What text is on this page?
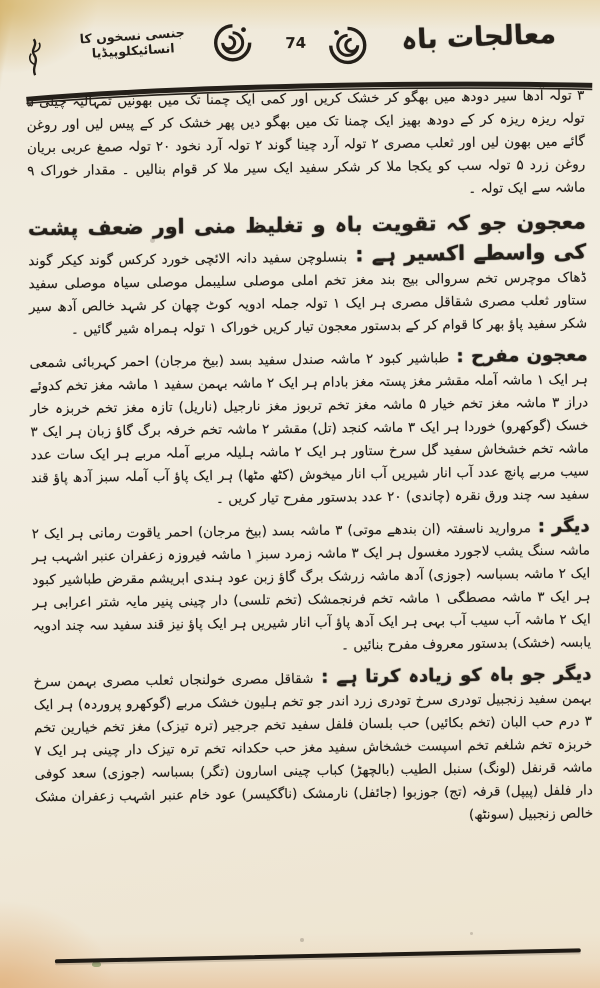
جنسی نسخوں کا انسائیکلوپیڈیا	74	معالجات باہ

۳ تولہ آدھا سیر دودھ میں بھگو کر خشک کریں اور کمی ایک چمنا تک میں بھونیں تمہالیہ چینی ۵ تولہ ریزہ ریزہ کر کے دودھ بھیز ایک چمنا تک میں بھگو دیں پھر خشک کر کے پیس لیں اور روغن گائے میں بھون لیں اور ثعلب مصری ۲ تولہ آرد چینا گوند ۲ تولہ آرد نخود ۲۰ تولہ صمغ عربی بریان روغن زرد ۵ تولہ سب کو یکجا ملا کر شکر سفید ایک سیر ملا کر قوام بنالیں ۔ مقدار خوراک ۹ ماشہ سے ایک تولہ ۔

معجون جو کہ تقویت باہ و تغلیظ منی اور ضعف پشت کی واسطے اکسیر ہے : بنسلوچن سفید دانہ الائچی خورد کرکس گوند کیکر گوند ڈھاک موچرس تخم سروالی بیج بند مغز تخم املی موصلی سلیبمل موصلی سیاہ موصلی سفید ستاور ثعلب مصری شقاقل مصری ہر ایک ۱ تولہ جملہ ادویہ کوٹ چھان کر شہد خالص آدھ سیر شکر سفید پاؤ بھر کا قوام کر کے بدستور معجون تیار کریں خوراک ۱ تولہ ہمراہ شیر گائیں ۔

معجون مفرح : طباشیر کبود ۲ ماشہ صندل سفید بسد (بیخ مرجان) احمر کہربائی شمعی ہر ایک ۱ ماشہ آملہ مقشر مغز پستہ مغز بادام ہر ایک ۲ ماشہ بہمن سفید ۱ ماشہ مغز تخم کدوئے دراز ۳ ماشہ مغز تخم خیار ۵ ماشہ مغز تخم تربوز مغز نارجیل (ناریل) تازہ مغز تخم خربزہ خار خسک (گوکھرو) خوردا ہر ایک ۳ ماشہ کنجد (تل) مقشر ۲ ماشہ تخم خرفہ برگ گاؤ زبان ہر ایک ۳ ماشہ تخم خشخاش سفید گل سرخ ستاور ہر ایک ۲ ماشہ ہلیلہ مربے آملہ مربے ہر ایک سات عدد سیب مربے پانچ عدد آب انار شیریں آب انار میخوش (کٹھ مٹھا) ہر ایک پاؤ آب آملہ سبز آدھ پاؤ قند سفید سہ چند ورق نقرہ (چاندی) ۲۰ عدد بدستور مفرح تیار کریں ۔

دیگر : مروارید ناسفتہ (ان بندھے موتی) ۳ ماشہ بسد (بیخ مرجان) احمر یاقوت رمانی ہر ایک ۲ ماشہ سنگ یشب لاجورد مغسول ہر ایک ۳ ماشہ زمرد سبز ۱ ماشہ فیروزہ زعفران عنبر اشہب ہر ایک ۲ ماشہ بسباسہ (جوزی) آدھ ماشہ زرشک برگ گاؤ زبن عود ہندی ابریشم مقرض طباشیر کبود ہر ایک ۳ ماشہ مصطگی ۱ ماشہ تخم فرنجمشک (تخم تلسی) دار چینی پنیر مایہ شتر اعرابی ہر ایک ۲ ماشہ آب سیب آب بہی ہر ایک آدھ پاؤ آب انار شیریں ہر ایک پاؤ نیز قند سفید سہ چند ادویہ یابسہ (خشک) بدستور معروف مفرح بنائیں ۔

دیگر جو باہ کو زیادہ کرتا ہے : شقاقل مصری خولنجاں ثعلب مصری بہمن سرخ بہمن سفید زنجبیل تودری سرخ تودری زرد اندر جو تخم ہلیون خشک مربے (گوکھرو پروردہ) ہر ایک ۳ درم حب البان (تخم بکائیں) حب بلسان فلفل سفید تخم جرجیر (ترہ تیزک) مغز تخم خیارین تخم خربزہ تخم شلغم تخم اسپست خشخاش سفید مغز حب حکدانہ تخم ترہ تیزک دار چینی ہر ایک ۷ ماشہ قرنفل (لونگ) سنبل الطیب (بالچھڑ) کباب چینی اسارون (تگر) بسباسہ (جوزی) سعد کوفی دار فلفل (پیپل) قرفہ (تج) جوزبوا (جائفل) نارمشک (ناگکیسر) عود خام عنبر اشہب زعفران مشک خالص زنجبیل (سونٹھ)
